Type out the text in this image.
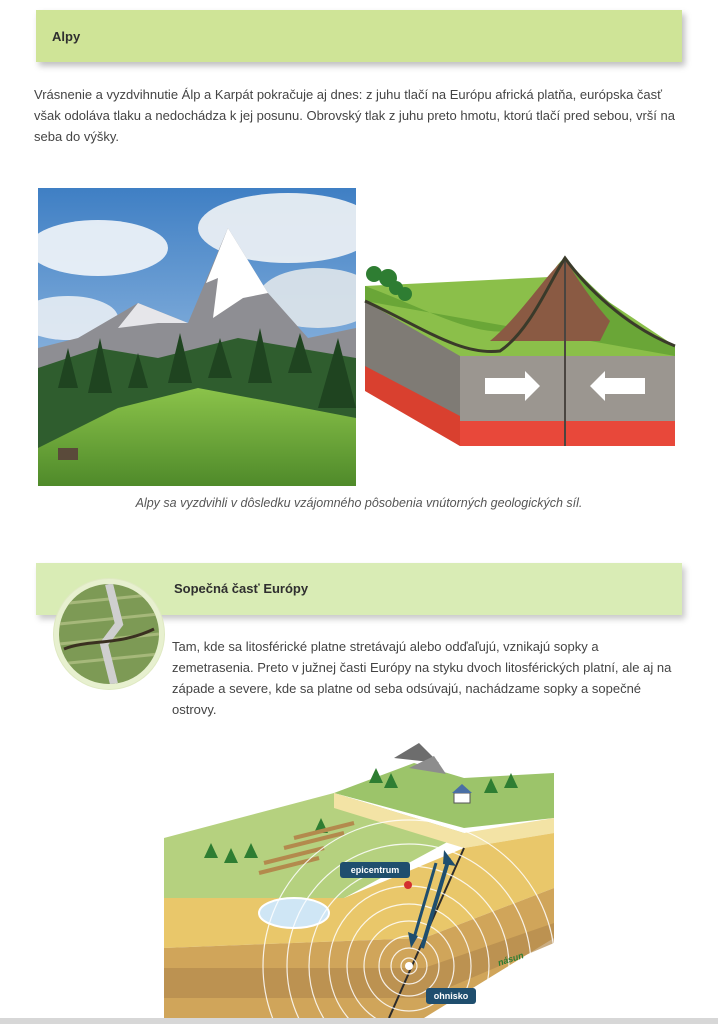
Alpy

Vrásnenie a vyzdvihnutie Álp a Karpát pokračuje aj dnes: z juhu tlačí na Európu africká platňa, európska časť však odoláva tlaku a nedochádza k jej posunu. Obrovský tlak z juhu preto hmotu, ktorú tlačí pred sebou, vrší na seba do výšky.

Alpy sa vyzdvihli v dôsledku vzájomného pôsobenia vnútorných geologických síl.

Sopečná časť Európy

Tam, kde sa litosférické platne stretávajú alebo odďaľujú, vznikajú sopky a zemetrasenia. Preto v južnej časti Európy na styku dvoch litosférických platní, ale aj na západe a severe, kde sa platne od seba odsúvajú, nachádzame sopky a sopečné ostrovy.

epicentrum
násun
ohnisko
